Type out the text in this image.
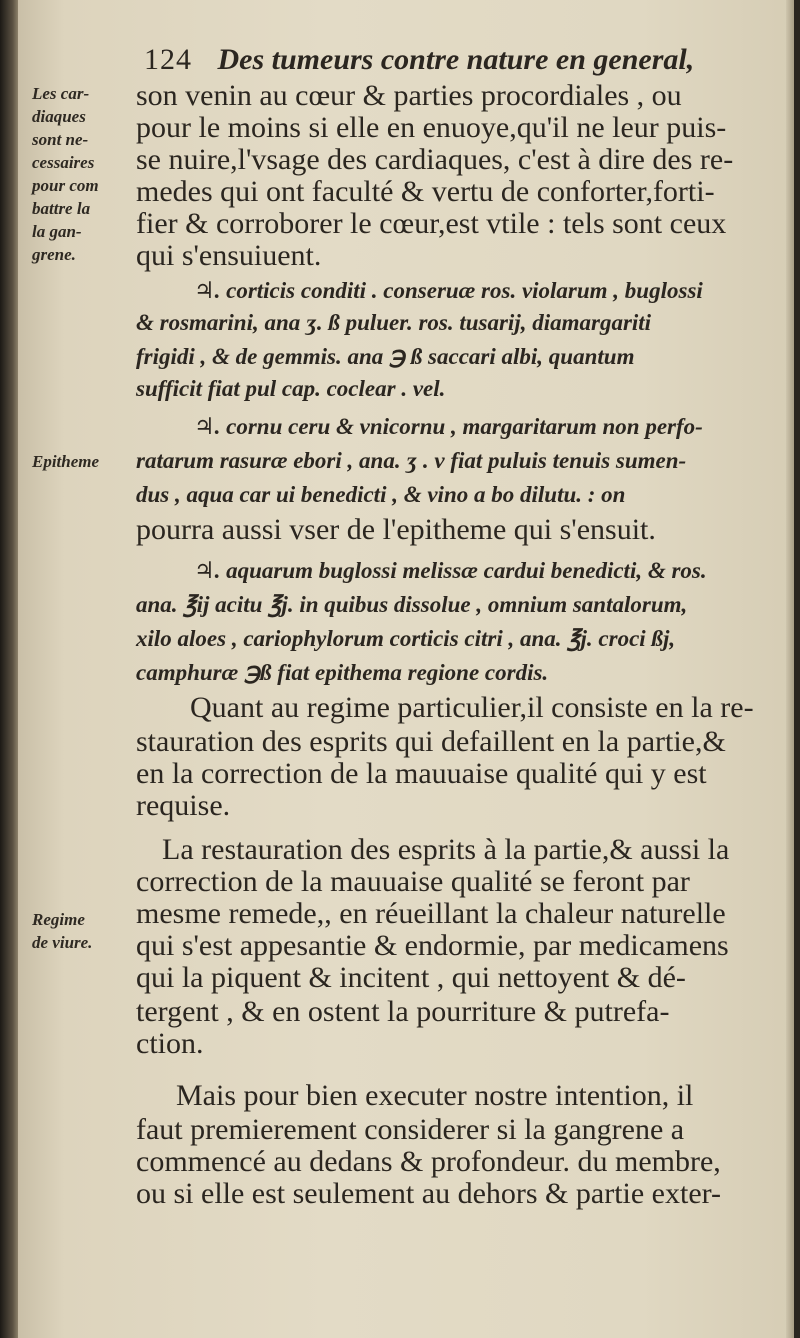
124 Des tumeurs contre nature en general,
Les car-
diaques
sont ne-
cessaires
pour com
battre la
la gan-
grene.
Epitheme
Regime
de viure.
son venin au cœur & parties procordiales , ou
pour le moins si elle en enuoye,qu'il ne leur puis-
se nuire,l'vsage des cardiaques, c'est à dire des re-
medes qui ont faculté & vertu de conforter,forti-
fier & corroborer le cœur,est vtile : tels sont ceux
qui s'ensuiuent.
♃. corticis conditi . conseruæ ros. violarum , buglossi
& rosmarini, ana ʒ. ß puluer. ros. tusarij, diamargariti
frigidi , & de gemmis. ana ℈ ß saccari albi, quantum
sufficit fiat pul cap. coclear . vel.
♃. cornu ceru & vnicornu , margaritarum non perfo-
ratarum rasuræ ebori , ana. ʒ . v fiat puluis tenuis sumen-
dus , aqua car ui benedicti , & vino a bo dilutu. : on
pourra aussi vser de l'epitheme qui s'ensuit.
♃. aquarum buglossi melissæ cardui benedicti, & ros.
ana. ℥ij acitu ℥j. in quibus dissolue , omnium santalorum,
xilo aloes , cariophylorum corticis citri , ana. ℥j. croci ßj,
camphuræ ℈ß fiat epithema regione cordis.
Quant au regime particulier,il consiste en la re-
stauration des esprits qui defaillent en la partie,&
en la correction de la mauuaise qualité qui y est
requise.
La restauration des esprits à la partie,& aussi la
correction de la mauuaise qualité se feront par
mesme remede,, en réueillant la chaleur naturelle
qui s'est appesantie & endormie, par medicamens
qui la piquent & incitent , qui nettoyent & dé-
tergent , & en ostent la pourriture & putrefa-
ction.
Mais pour bien executer nostre intention, il
faut premierement considerer si la gangrene a
commencé au dedans & profondeur. du membre,
ou si elle est seulement au dehors & partie exter-
